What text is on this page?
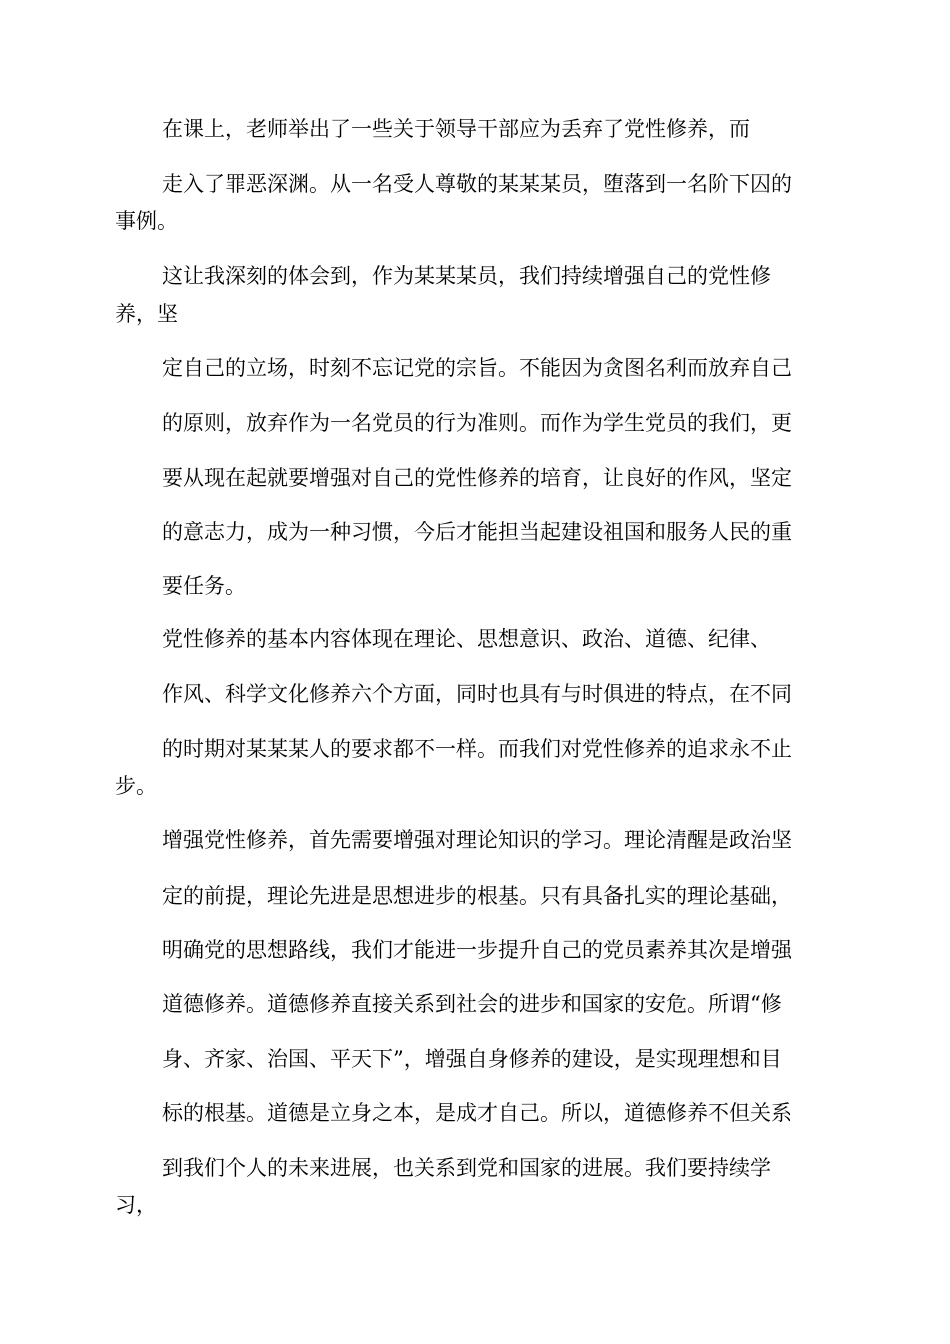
在课上，老师举出了一些关于领导干部应为丢弃了党性修养，而
走入了罪恶深渊。从一名受人尊敬的某某某员，堕落到一名阶下囚的
事例。
这让我深刻的体会到，作为某某某员，我们持续增强自己的党性修
养，坚
定自己的立场，时刻不忘记党的宗旨。不能因为贪图名利而放弃自己
的原则，放弃作为一名党员的行为准则。而作为学生党员的我们，更
要从现在起就要增强对自己的党性修养的培育，让良好的作风，坚定
的意志力，成为一种习惯，今后才能担当起建设祖国和服务人民的重
要任务。
党性修养的基本内容体现在理论、思想意识、政治、道德、纪律、
作风、科学文化修养六个方面，同时也具有与时俱进的特点，在不同
的时期对某某某人的要求都不一样。而我们对党性修养的追求永不止
步。
增强党性修养，首先需要增强对理论知识的学习。理论清醒是政治坚
定的前提，理论先进是思想进步的根基。只有具备扎实的理论基础，
明确党的思想路线，我们才能进一步提升自己的党员素养其次是增强
道德修养。道德修养直接关系到社会的进步和国家的安危。所谓“修
身、齐家、治国、平天下”，增强自身修养的建设，是实现理想和目
标的根基。道德是立身之本，是成才自己。所以，道德修养不但关系
到我们个人的未来进展，也关系到党和国家的进展。我们要持续学
习，
